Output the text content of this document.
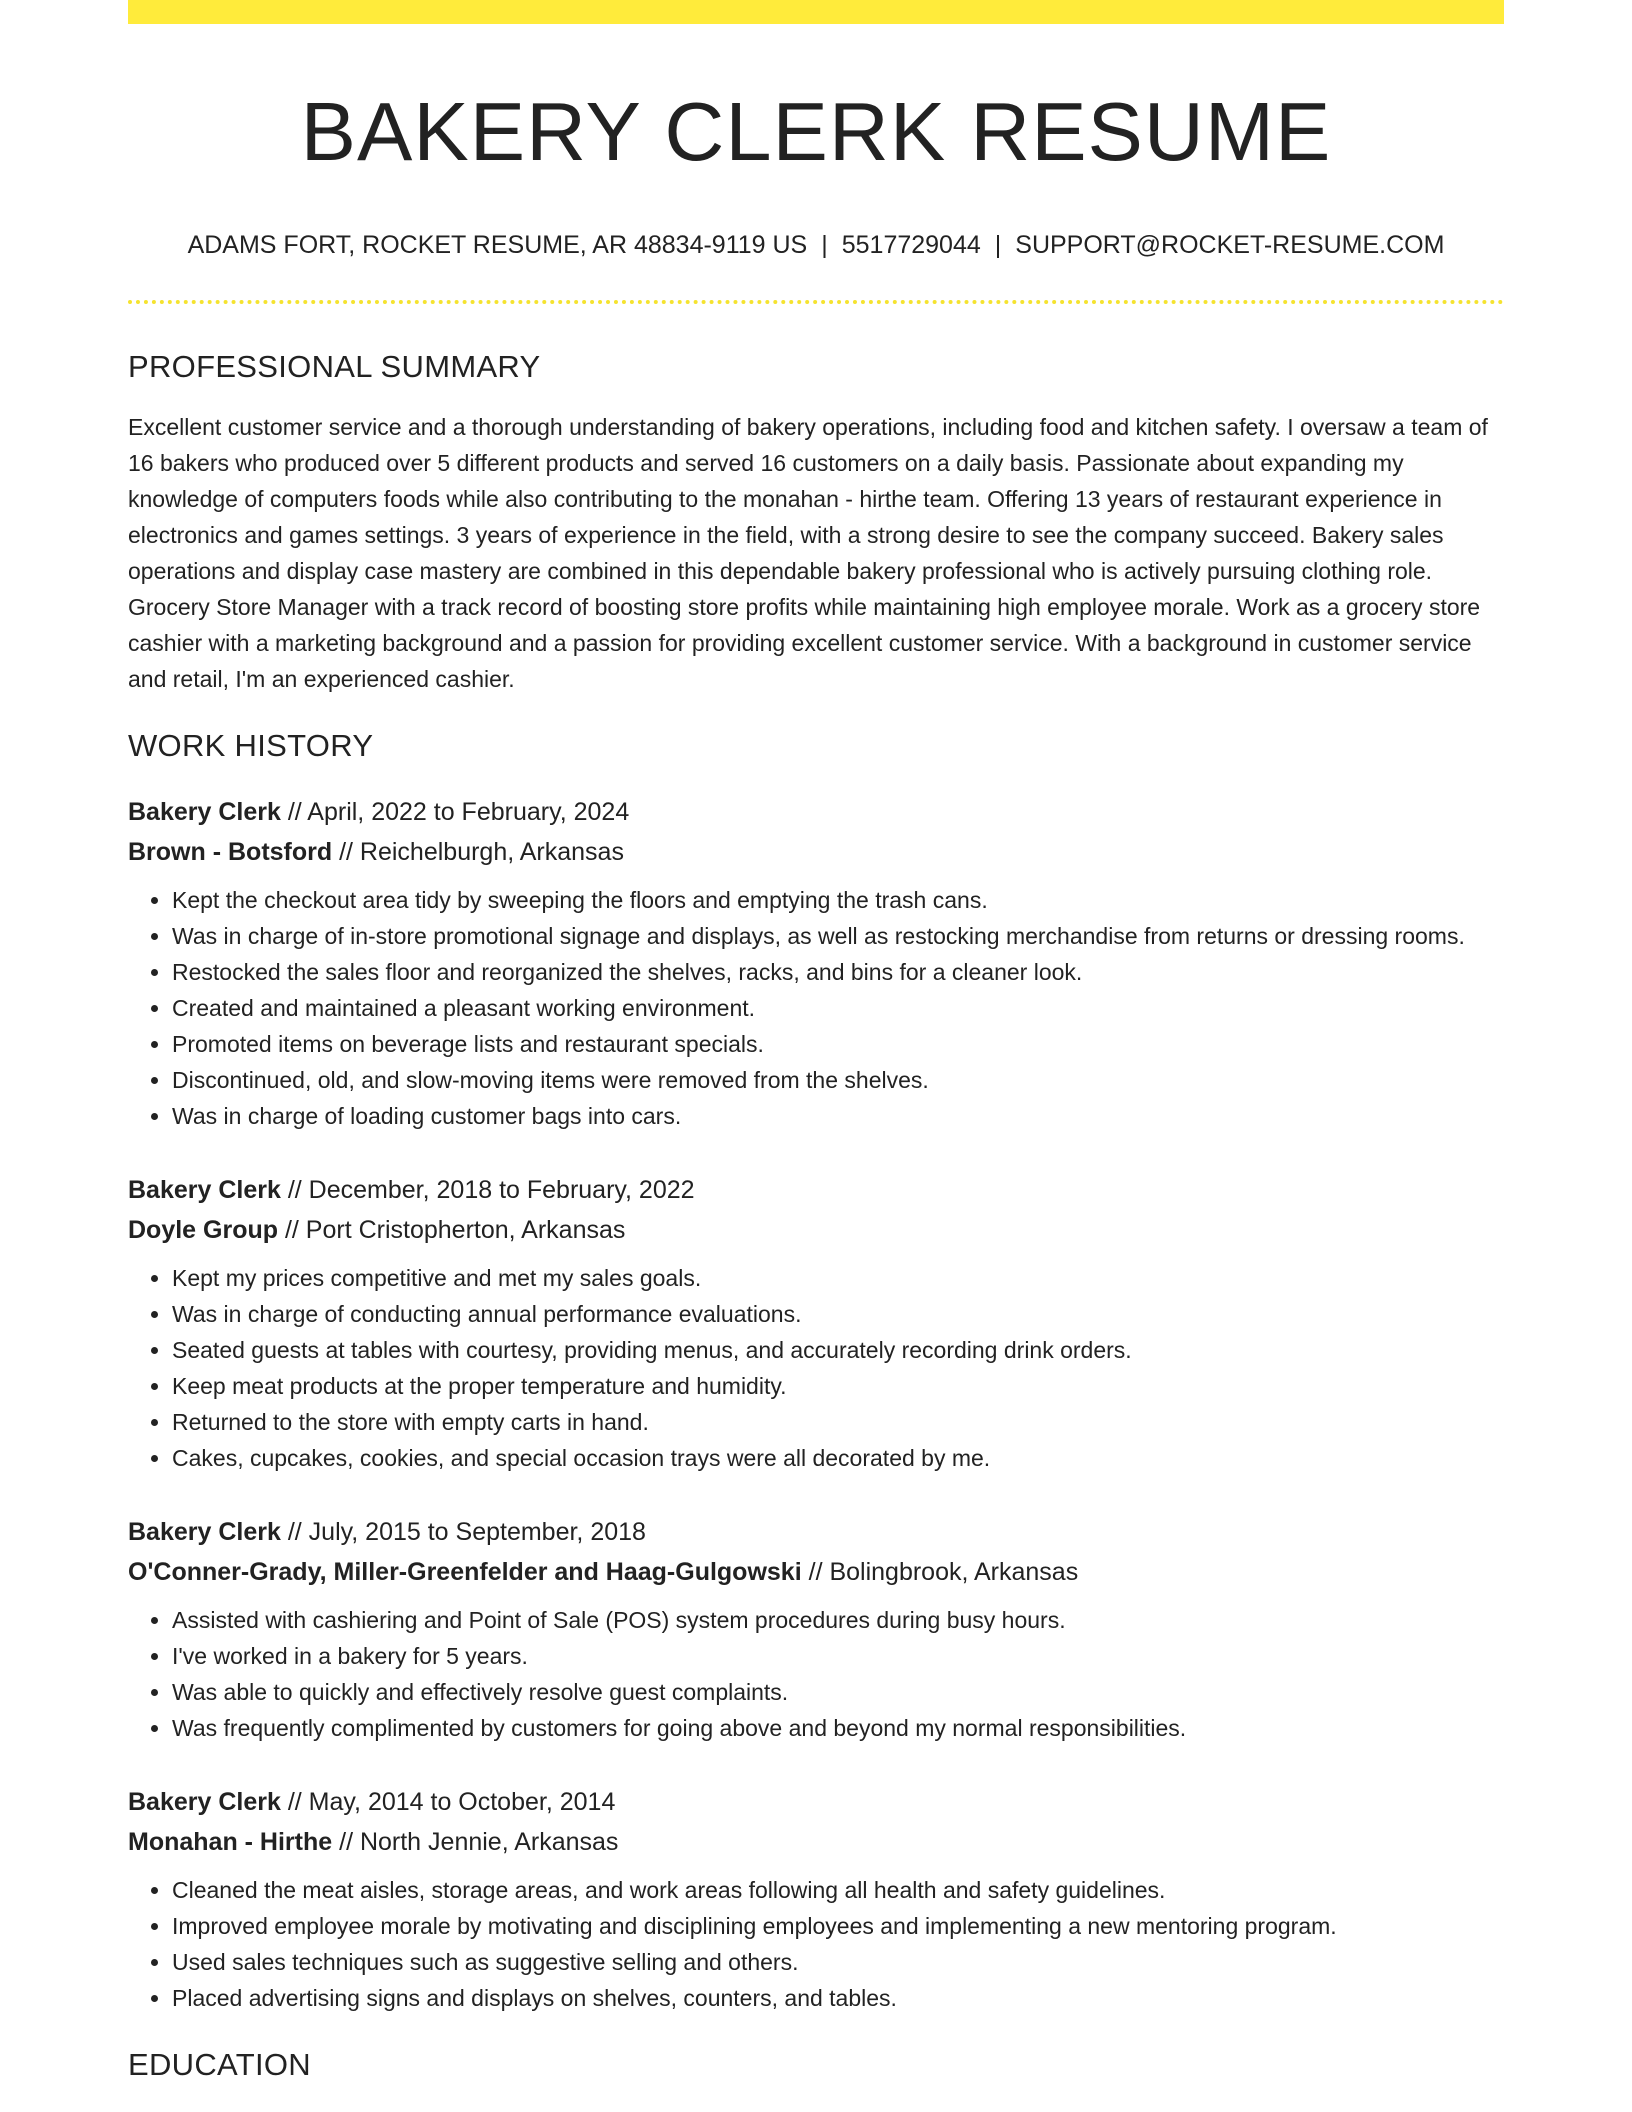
BAKERY CLERK RESUME
ADAMS FORT, ROCKET RESUME, AR 48834-9119 US | 5517729044 | SUPPORT@ROCKET-RESUME.COM
PROFESSIONAL SUMMARY

Excellent customer service and a thorough understanding of bakery operations, including food and kitchen safety. I oversaw a team of 16 bakers who produced over 5 different products and served 16 customers on a daily basis. Passionate about expanding my knowledge of computers foods while also contributing to the monahan - hirthe team. Offering 13 years of restaurant experience in electronics and games settings. 3 years of experience in the field, with a strong desire to see the company succeed. Bakery sales operations and display case mastery are combined in this dependable bakery professional who is actively pursuing clothing role. Grocery Store Manager with a track record of boosting store profits while maintaining high employee morale. Work as a grocery store cashier with a marketing background and a passion for providing excellent customer service. With a background in customer service and retail, I'm an experienced cashier.

WORK HISTORY
Bakery Clerk // April, 2022 to February, 2024
Brown - Botsford // Reichelburgh, Arkansas
• Kept the checkout area tidy by sweeping the floors and emptying the trash cans.
• Was in charge of in-store promotional signage and displays, as well as restocking merchandise from returns or dressing rooms.
• Restocked the sales floor and reorganized the shelves, racks, and bins for a cleaner look.
• Created and maintained a pleasant working environment.
• Promoted items on beverage lists and restaurant specials.
• Discontinued, old, and slow-moving items were removed from the shelves.
• Was in charge of loading customer bags into cars.
Bakery Clerk // December, 2018 to February, 2022
Doyle Group // Port Cristopherton, Arkansas
• Kept my prices competitive and met my sales goals.
• Was in charge of conducting annual performance evaluations.
• Seated guests at tables with courtesy, providing menus, and accurately recording drink orders.
• Keep meat products at the proper temperature and humidity.
• Returned to the store with empty carts in hand.
• Cakes, cupcakes, cookies, and special occasion trays were all decorated by me.
Bakery Clerk // July, 2015 to September, 2018
O'Conner-Grady, Miller-Greenfelder and Haag-Gulgowski // Bolingbrook, Arkansas
• Assisted with cashiering and Point of Sale (POS) system procedures during busy hours.
• I've worked in a bakery for 5 years.
• Was able to quickly and effectively resolve guest complaints.
• Was frequently complimented by customers for going above and beyond my normal responsibilities.
Bakery Clerk // May, 2014 to October, 2014
Monahan - Hirthe // North Jennie, Arkansas
• Cleaned the meat aisles, storage areas, and work areas following all health and safety guidelines.
• Improved employee morale by motivating and disciplining employees and implementing a new mentoring program.
• Used sales techniques such as suggestive selling and others.
• Placed advertising signs and displays on shelves, counters, and tables.
EDUCATION
